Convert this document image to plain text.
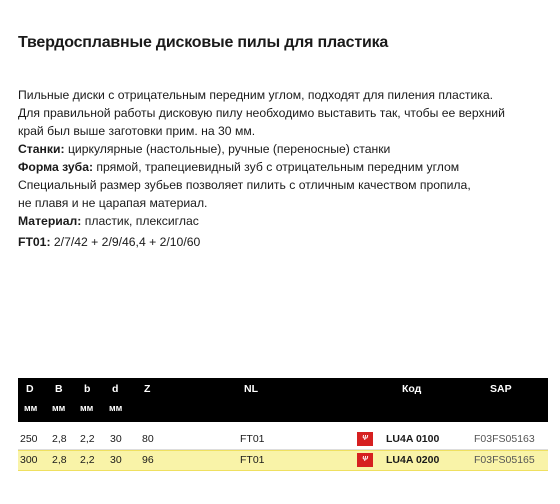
Твердосплавные дисковые пилы для пластика
Пильные диски с отрицательным передним углом, подходят для пиления пластика.
Для правильной работы дисковую пилу необходимо выставить так, чтобы ее верхний
край был выше заготовки прим. на 30 мм.
Станки: циркулярные (настольные), ручные (переносные) станки
Форма зуба: прямой, трапециевидный зуб с отрицательным передним углом
Специальный размер зубьев позволяет пилить с отличным качеством пропила,
не плавя и не царапая материал.
Материал: пластик, плексиглас
FT01: 2/7/42 + 2/9/46,4 + 2/10/60
D B b d Z	NL	Код	SAP
мм мм мм мм
250 2,8 2,2 30 80	FT01	Ψ	LU4A 0100	F03FS05163
300 2,8 2,2 30 96	FT01	Ψ	LU4A 0200	F03FS05165
